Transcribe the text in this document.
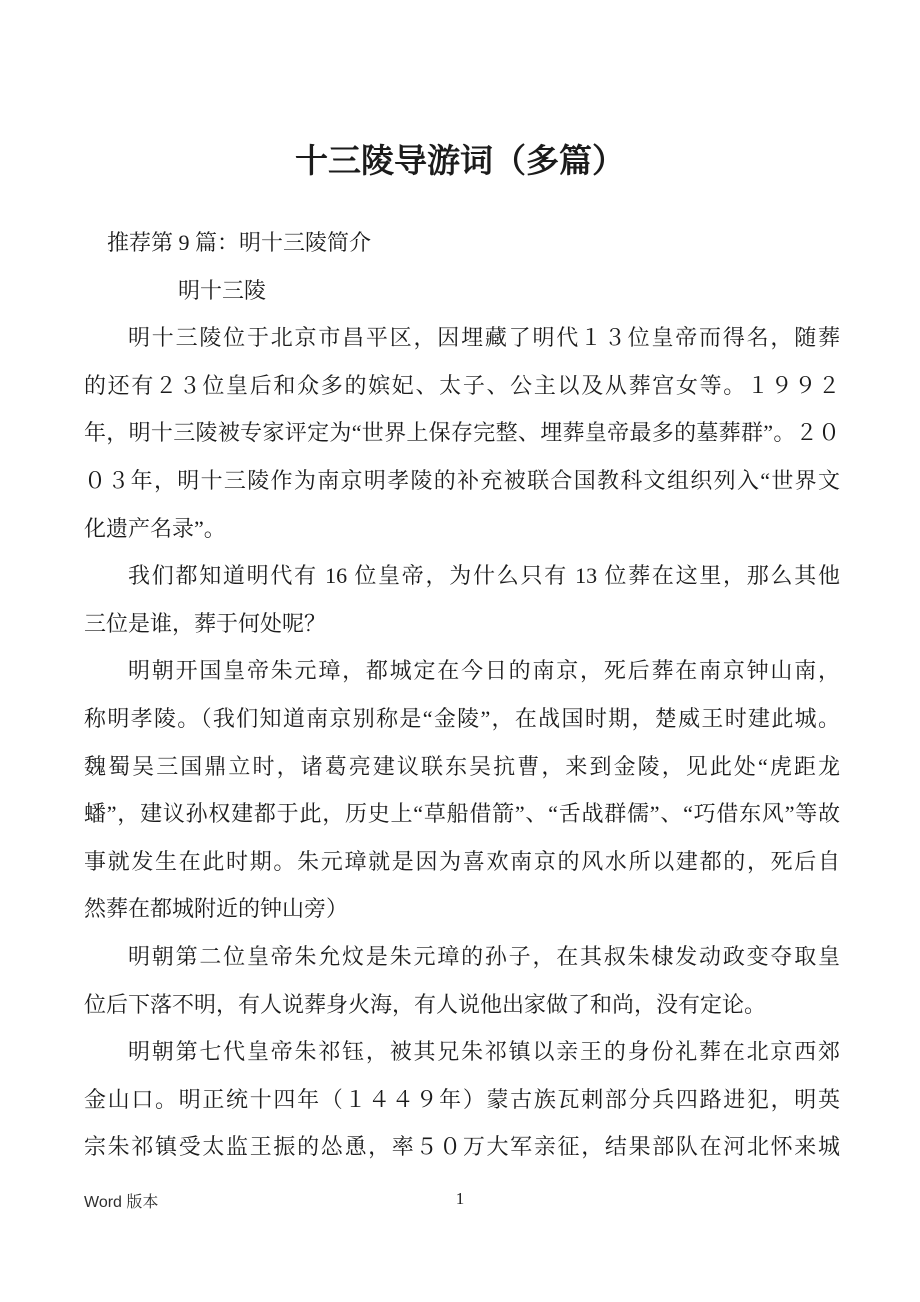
十三陵导游词（多篇）
推荐第 9 篇：明十三陵简介
明十三陵
明十三陵位于北京市昌平区，因埋藏了明代１３位皇帝而得名，随葬
的还有２３位皇后和众多的嫔妃、太子、公主以及从葬宫女等。１９９２
年，明十三陵被专家评定为“世界上保存完整、埋葬皇帝最多的墓葬群”。２０
０３年，明十三陵作为南京明孝陵的补充被联合国教科文组织列入“世界文
化遗产名录”。
我们都知道明代有 16 位皇帝，为什么只有 13 位葬在这里，那么其他
三位是谁，葬于何处呢？
明朝开国皇帝朱元璋，都城定在今日的南京，死后葬在南京钟山南，
称明孝陵。（我们知道南京别称是“金陵”，在战国时期，楚威王时建此城。
魏蜀吴三国鼎立时，诸葛亮建议联东吴抗曹，来到金陵，见此处“虎距龙
蟠”，建议孙权建都于此，历史上“草船借箭”、“舌战群儒”、“巧借东风”等故
事就发生在此时期。朱元璋就是因为喜欢南京的风水所以建都的，死后自
然葬在都城附近的钟山旁）
明朝第二位皇帝朱允炆是朱元璋的孙子，在其叔朱棣发动政变夺取皇
位后下落不明，有人说葬身火海，有人说他出家做了和尚，没有定论。
明朝第七代皇帝朱祁钰，被其兄朱祁镇以亲王的身份礼葬在北京西郊
金山口。明正统十四年（１４４９年）蒙古族瓦剌部分兵四路进犯，明英
宗朱祁镇受太监王振的怂恿，率５０万大军亲征，结果部队在河北怀来城
Word 版本	1
